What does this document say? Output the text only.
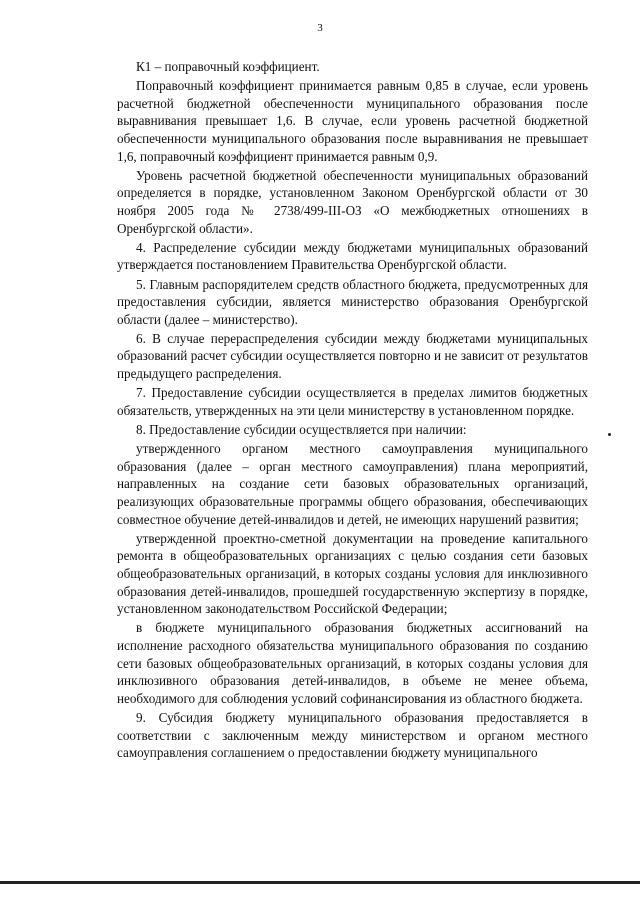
3

К1 – поправочный коэффициент.

Поправочный коэффициент принимается равным 0,85 в случае, если уровень расчетной бюджетной обеспеченности муниципального образования после выравнивания превышает 1,6. В случае, если уровень расчетной бюджетной обеспеченности муниципального образования после выравнивания не превышает 1,6, поправочный коэффициент принимается равным 0,9.

Уровень расчетной бюджетной обеспеченности муниципальных образований определяется в порядке, установленном Законом Оренбургской области от 30 ноября 2005 года № 2738/499-III-ОЗ «О межбюджетных отношениях в Оренбургской области».

4. Распределение субсидии между бюджетами муниципальных образований утверждается постановлением Правительства Оренбургской области.

5. Главным распорядителем средств областного бюджета, предусмотренных для предоставления субсидии, является министерство образования Оренбургской области (далее – министерство).

6. В случае перераспределения субсидии между бюджетами муниципальных образований расчет субсидии осуществляется повторно и не зависит от результатов предыдущего распределения.

7. Предоставление субсидии осуществляется в пределах лимитов бюджетных обязательств, утвержденных на эти цели министерству в установленном порядке.

8. Предоставление субсидии осуществляется при наличии:

утвержденного органом местного самоуправления муниципального образования (далее – орган местного самоуправления) плана мероприятий, направленных на создание сети базовых образовательных организаций, реализующих образовательные программы общего образования, обеспечивающих совместное обучение детей-инвалидов и детей, не имеющих нарушений развития;

утвержденной проектно-сметной документации на проведение капитального ремонта в общеобразовательных организациях с целью создания сети базовых общеобразовательных организаций, в которых созданы условия для инклюзивного образования детей-инвалидов, прошедшей государственную экспертизу в порядке, установленном законодательством Российской Федерации;

в бюджете муниципального образования бюджетных ассигнований на исполнение расходного обязательства муниципального образования по созданию сети базовых общеобразовательных организаций, в которых созданы условия для инклюзивного образования детей-инвалидов, в объеме не менее объема, необходимого для соблюдения условий софинансирования из областного бюджета.

9. Субсидия бюджету муниципального образования предоставляется в соответствии с заключенным между министерством и органом местного самоуправления соглашением о предоставлении бюджету муниципального
